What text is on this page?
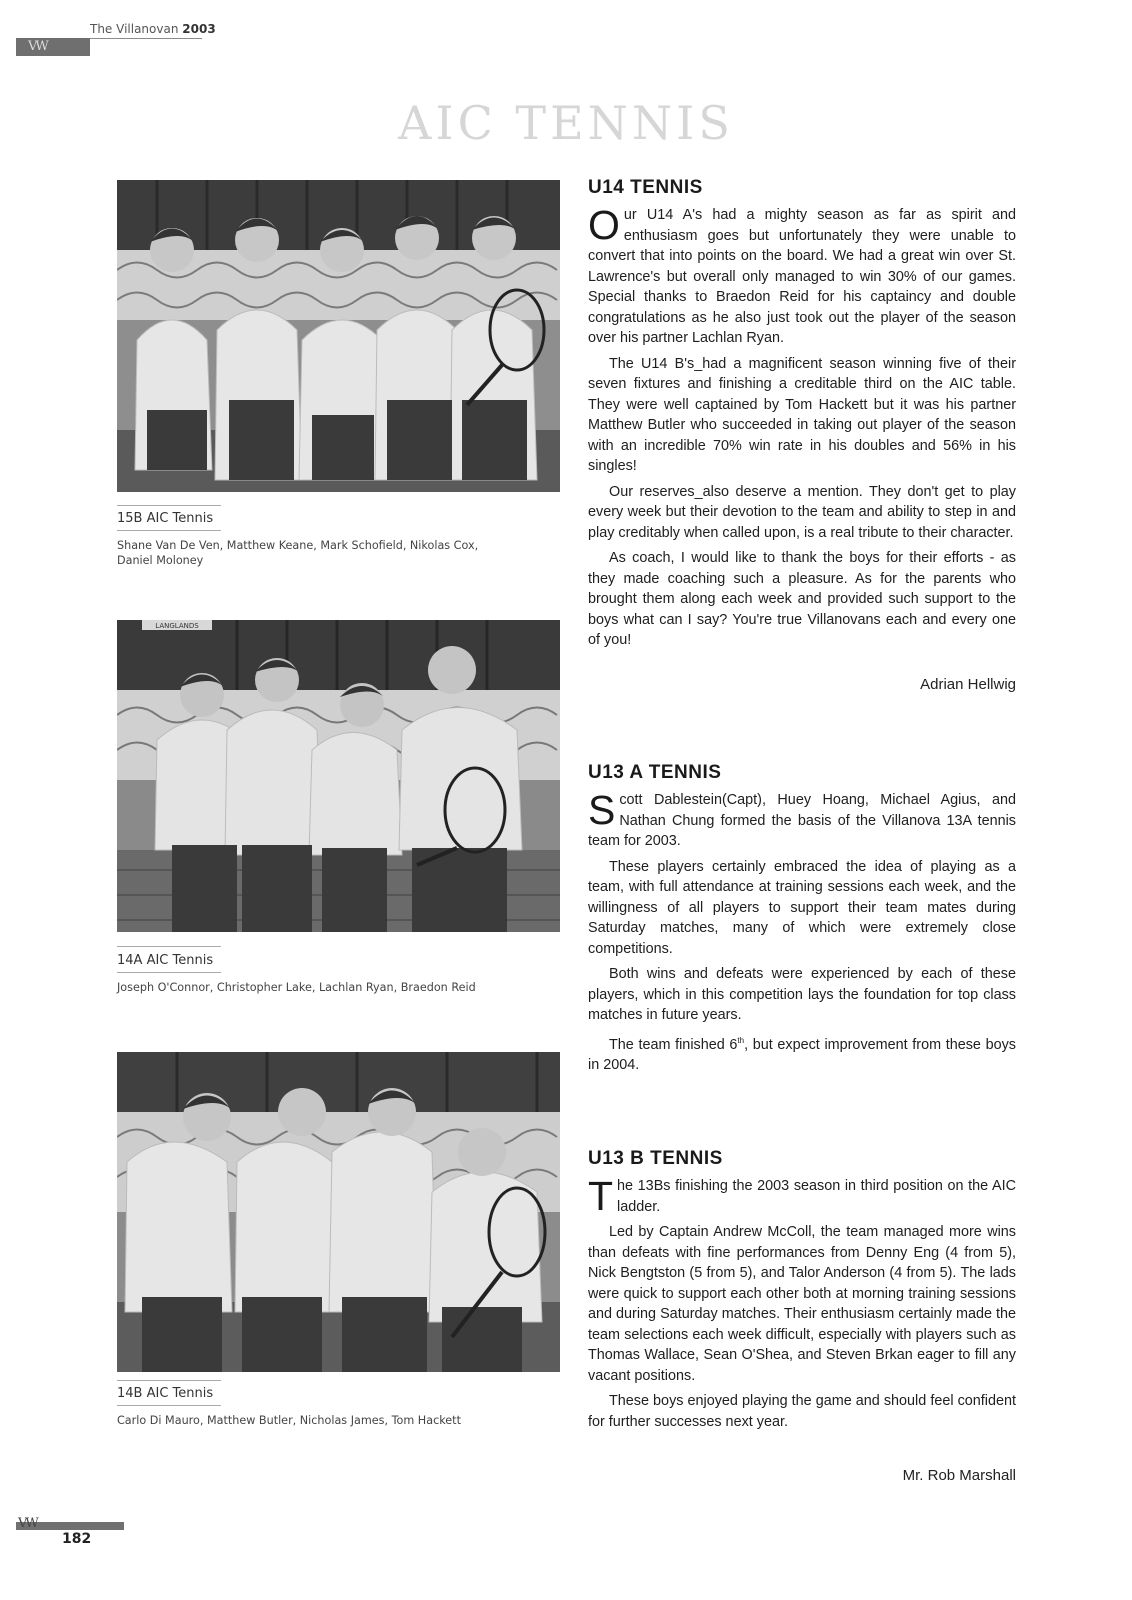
VW
The Villanovan 2003
AIC TENNIS
15B AIC Tennis
Shane Van De Ven, Matthew Keane, Mark Schofield, Nikolas Cox, Daniel Moloney
LANGLANDS
14A AIC Tennis
Joseph O'Connor, Christopher Lake, Lachlan Ryan, Braedon Reid
14B AIC Tennis
Carlo Di Mauro, Matthew Butler, Nicholas James, Tom Hackett
U14 TENNIS

Our U14 A's had a mighty season as far as spirit and enthusiasm goes but unfortunately they were unable to convert that into points on the board. We had a great win over St. Lawrence's but overall only managed to win 30% of our games. Special thanks to Braedon Reid for his captaincy and double congratulations as he also just took out the player of the season over his partner Lachlan Ryan.

The U14 B's_had a magnificent season winning five of their seven fixtures and finishing a creditable third on the AIC table. They were well captained by Tom Hackett but it was his partner Matthew Butler who succeeded in taking out player of the season with an incredible 70% win rate in his doubles and 56% in his singles!

Our reserves_also deserve a mention. They don't get to play every week but their devotion to the team and ability to step in and play creditably when called upon, is a real tribute to their character.

As coach, I would like to thank the boys for their efforts - as they made coaching such a pleasure. As for the parents who brought them along each week and provided such support to the boys what can I say? You're true Villanovans each and every one of you!

Adrian Hellwig
U13 A TENNIS

Scott Dablestein(Capt), Huey Hoang, Michael Agius, and Nathan Chung formed the basis of the Villanova 13A tennis team for 2003.

These players certainly embraced the idea of playing as a team, with full attendance at training sessions each week, and the willingness of all players to support their team mates during Saturday matches, many of which were extremely close competitions.

Both wins and defeats were experienced by each of these players, which in this competition lays the foundation for top class matches in future years.

The team finished 6th, but expect improvement from these boys in 2004.

U13 B TENNIS

The 13Bs finishing the 2003 season in third position on the AIC ladder.

Led by Captain Andrew McColl, the team managed more wins than defeats with fine performances from Denny Eng (4 from 5), Nick Bengtston (5 from 5), and Talor Anderson (4 from 5). The lads were quick to support each other both at morning training sessions and during Saturday matches. Their enthusiasm certainly made the team selections each week difficult, especially with players such as Thomas Wallace, Sean O'Shea, and Steven Brkan eager to fill any vacant positions.

These boys enjoyed playing the game and should feel confident for further successes next year.

Mr. Rob Marshall
VW
182
